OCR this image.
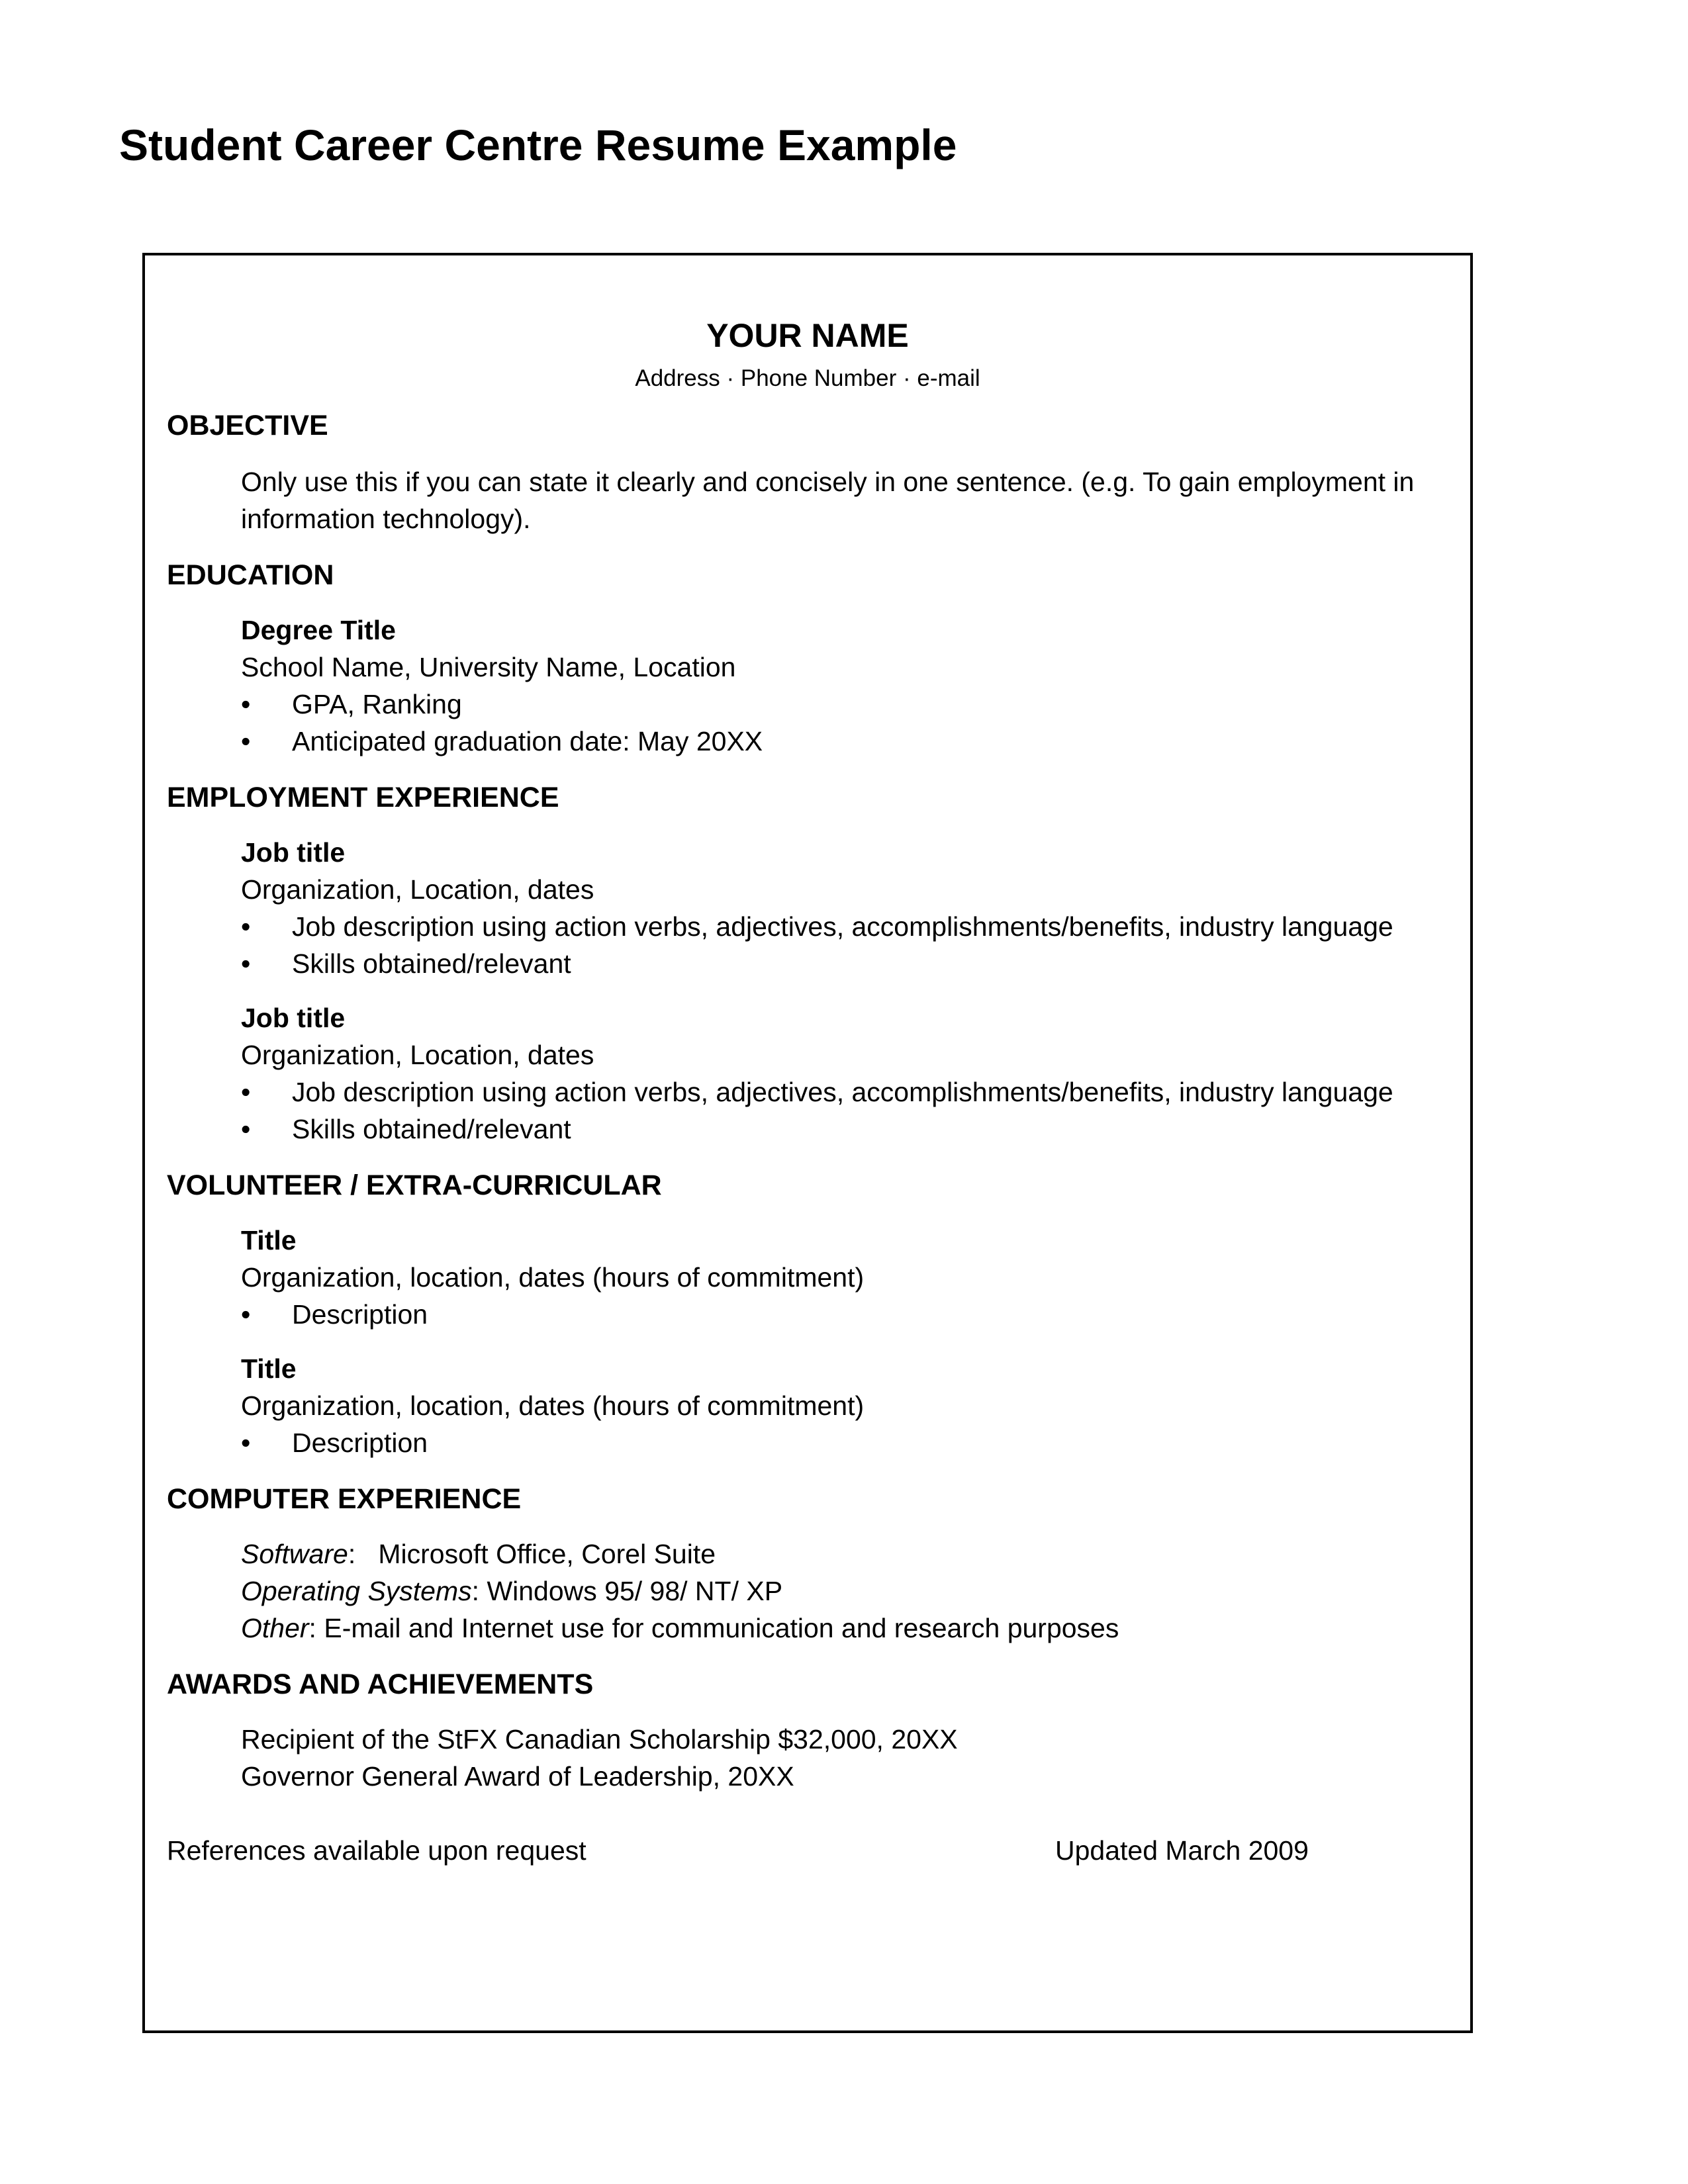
Student Career Centre Resume Example
YOUR NAME
Address · Phone Number · e-mail
OBJECTIVE
Only use this if you can state it clearly and concisely in one sentence. (e.g. To gain employment in
information technology).
EDUCATION
Degree Title
School Name, University Name, Location
• GPA, Ranking
• Anticipated graduation date: May 20XX
EMPLOYMENT EXPERIENCE
Job title
Organization, Location, dates
• Job description using action verbs, adjectives, accomplishments/benefits, industry language
• Skills obtained/relevant
Job title
Organization, Location, dates
• Job description using action verbs, adjectives, accomplishments/benefits, industry language
• Skills obtained/relevant
VOLUNTEER / EXTRA-CURRICULAR
Title
Organization, location, dates (hours of commitment)
• Description
Title
Organization, location, dates (hours of commitment)
• Description
COMPUTER EXPERIENCE
Software:   Microsoft Office, Corel Suite
Operating Systems: Windows 95/ 98/ NT/ XP
Other: E-mail and Internet use for communication and research purposes
AWARDS AND ACHIEVEMENTS
Recipient of the StFX Canadian Scholarship $32,000, 20XX
Governor General Award of Leadership, 20XX
References available upon request	Updated March 2009
